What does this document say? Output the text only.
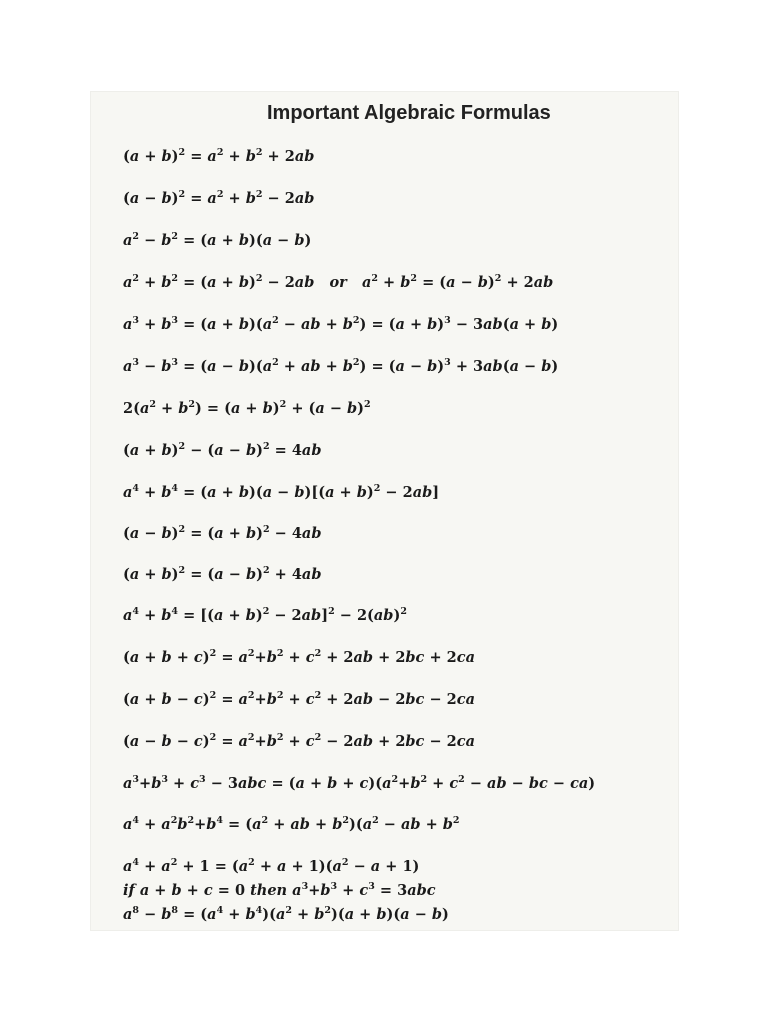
Important Algebraic Formulas
$(a + b)^2 = a^2 + b^2 + 2ab$
$(a - b)^2 = a^2 + b^2 - 2ab$
$a^2 - b^2 = (a + b)(a - b)$
$a^2 + b^2 = (a + b)^2 - 2ab$ or $a^2 + b^2 = (a - b)^2 + 2ab$
$a^3 + b^3 = (a + b)(a^2$ − ab + $b^2) = (a + b)^3 - 3ab(a + b)$
$a^3 - b^3 = (a - b)(a^2$ + ab + $b^2) = (a - b)^3 + 3ab(a - b)$
$2(a^2 + b^2) = (a + b)^2 + (a - b)^2$
$(a + b)^2 - (a - b)^2 = 4ab$
$a^4 + b^4 = (a + b)(a - b)[(a + b)^2 - 2ab]$
$(a - b)^2 = (a + b)^2 - 4ab$
$(a + b)^2 = (a - b)^2 + 4ab$
$a^4 + b^4 = [(a + b)^2 - 2ab]^2 - 2(ab)^2$
$(a + b + c)^2 = a^2+b^2 + c^2 + 2ab + 2bc + 2ca$
$(a + b - c)^2 = a^2+b^2 + c^2 + 2ab - 2bc - 2ca$
$(a - b - c)^2 = a^2+b^2 + c^2 - 2ab + 2bc - 2ca$
$a^3+b^3 + c^3 - 3abc = (a + b + c)(a^2+b^2 + c^2$ − ab − bc − ca)
$a^4 + a^2b^2+b^4 = (a^2$ + ab + $b^2)(a^2$ − ab + $b^2$
$a^4 + a^2 + 1 = (a^2 + a + 1)(a^2 - a + 1)$
if a + b + c = 0 then $a^3+b^3 + c^3 = 3abc$
$a^8 - b^8 = (a^4 + b^4)(a^2 + b^2)(a + b)(a - b)$
